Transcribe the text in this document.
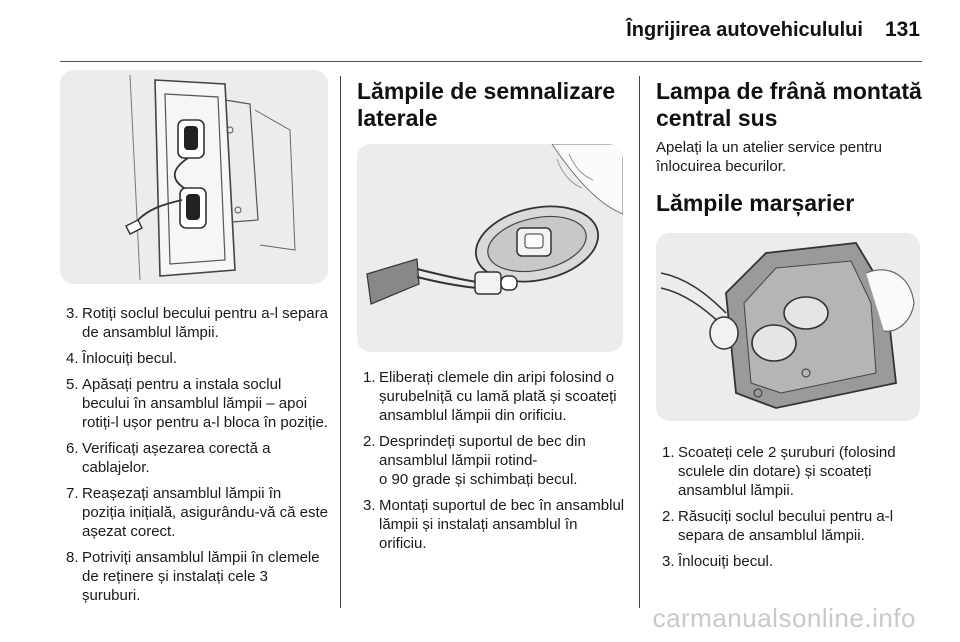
Îngrijirea autovehiculului 131
3. Rotiți soclul becului pentru a-l separa de ansamblul lămpii.
4. Înlocuiți becul.
5. Apăsați pentru a instala soclul becului în ansamblul lămpii – apoi rotiți-l ușor pentru a-l bloca în poziție.
6. Verificați așezarea corectă a cablajelor.
7. Reașezați ansamblul lămpii în poziția inițială, asigurându-vă că este așezat corect.
8. Potriviți ansamblul lămpii în clemele de reținere și instalați cele 3 șuruburi.
Lămpile de semnalizare
laterale
1. Eliberați clemele din aripi folosind o șurubelniță cu lamă plată și scoateți ansamblul lămpii din orificiu.
2. Desprindeți suportul de bec din ansamblul lămpii rotind-
o 90 grade și schimbați becul.
3. Montați suportul de bec în ansamblul lămpii și instalați ansamblul în orificiu.
Lampa de frână montată
central sus

Apelați la un atelier service pentru înlocuirea becurilor.

Lămpile marșarier
1. Scoateți cele 2 șuruburi (folosind sculele din dotare) și scoateți ansamblul lămpii.
2. Răsuciți soclul becului pentru a-l separa de ansamblul lămpii.
3. Înlocuiți becul.
carmanualsonline.info
